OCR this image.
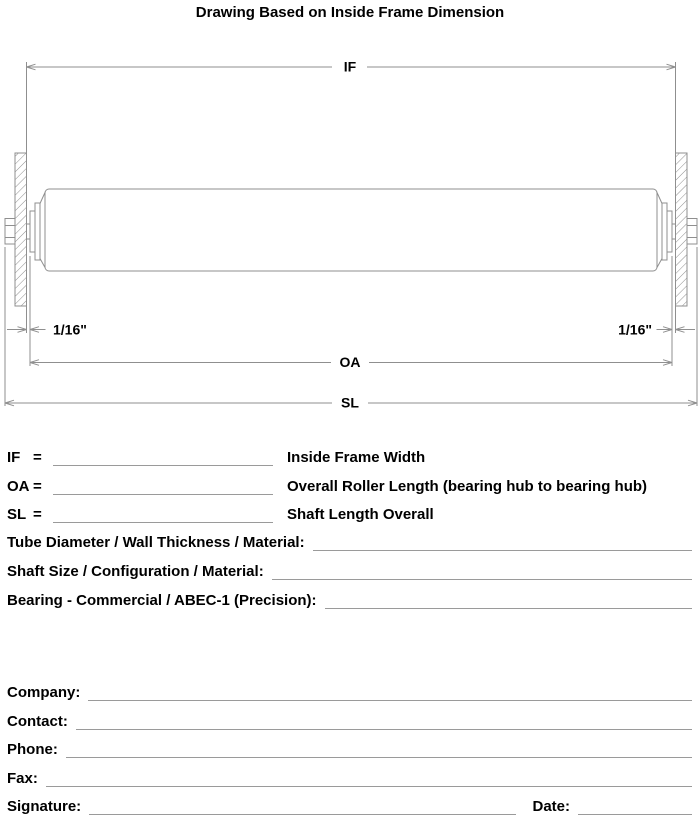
Drawing Based on Inside Frame Dimension
IF
OA
SL
1/16"	1/16"
IF =	Inside Frame Width
OA =	Overall Roller Length (bearing hub to bearing hub)
SL =	Shaft Length Overall
Tube Diameter / Wall Thickness / Material:
Shaft Size / Configuration / Material:
Bearing - Commercial / ABEC-1 (Precision):
Company:
Contact:
Phone:
Fax:
Signature:	Date:
